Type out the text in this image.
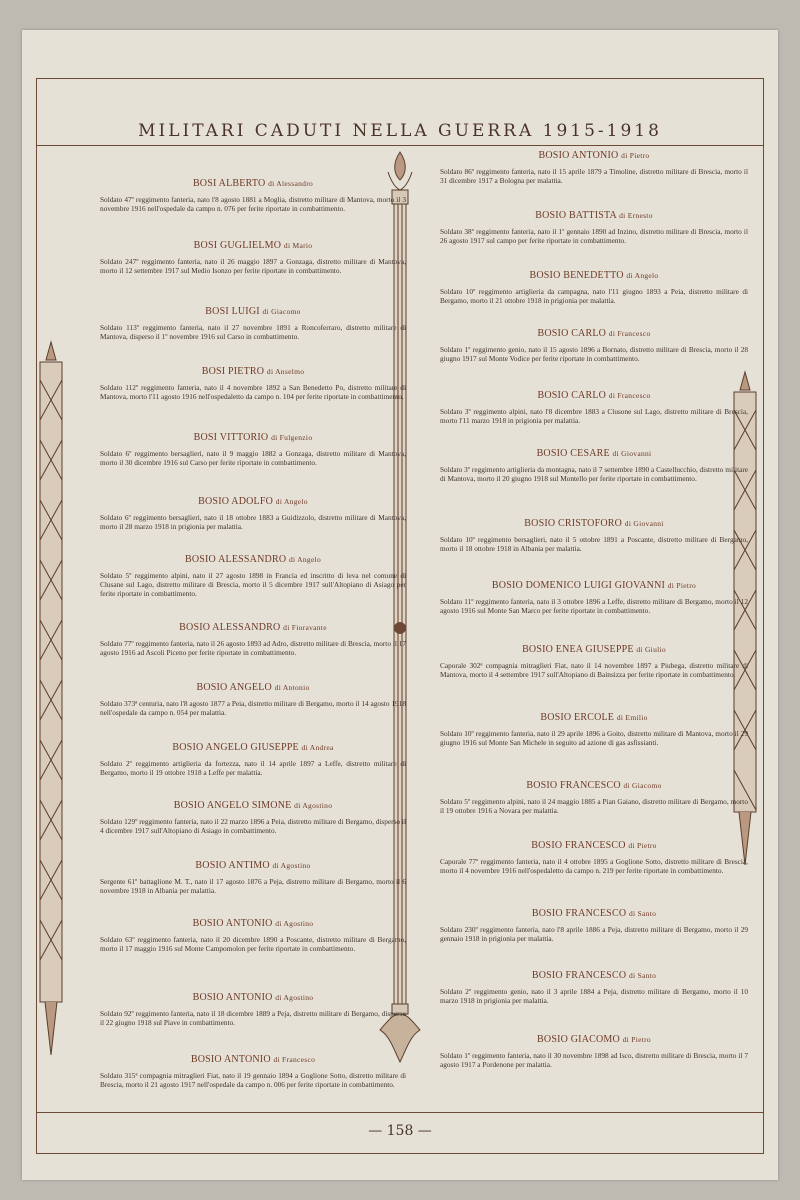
MILITARI CADUTI NELLA GUERRA 1915-1918
— 158 —
BOSI ALBERTO di Alessandro
Soldato 47º reggimento fanteria, nato l'8 agosto 1881 a Moglia, distretto militare di Mantova, morto il 3 novembre 1916 nell'ospedale da campo n. 076 per ferite riportate in combattimento.
BOSI GUGLIELMO di Mario
Soldato 247º reggimento fanteria, nato il 26 maggio 1897 a Gonzaga, distretto militare di Mantova, morto il 12 settembre 1917 sul Medio Isonzo per ferite riportate in combattimento.
BOSI LUIGI di Giacomo
Soldato 113º reggimento fanteria, nato il 27 novembre 1891 a Roncoferraro, distretto militare di Mantova, disperso il 1º novembre 1916 sul Carso in combattimento.
BOSI PIETRO di Anselmo
Soldato 112º reggimento fanteria, nato il 4 novembre 1892 a San Benedetto Po, distretto militare di Mantova, morto l'11 agosto 1916 nell'ospedaletto da campo n. 104 per ferite riportate in combattimento.
BOSI VITTORIO di Fulgenzio
Soldato 6º reggimento bersaglieri, nato il 9 maggio 1882 a Gonzaga, distretto militare di Mantova, morto il 30 dicembre 1916 sul Carso per ferite riportate in combattimento.
BOSIO ADOLFO di Angelo
Soldato 6º reggimento bersaglieri, nato il 18 ottobre 1883 a Guidizzolo, distretto militare di Mantova, morto il 28 marzo 1918 in prigionia per malattia.
BOSIO ALESSANDRO di Angelo
Soldato 5º reggimento alpini, nato il 27 agosto 1898 in Francia ed inscritto di leva nel comune di Clusane sul Lago, distretto militare di Brescia, morto il 5 dicembre 1917 sull'Altopiano di Asiago per ferite riportate in combattimento.
BOSIO ALESSANDRO di Fioravante
Soldato 77º reggimento fanteria, nato il 26 agosto 1893 ad Adro, distretto militare di Brescia, morto il 17 agosto 1916 ad Ascoli Piceno per ferite riportate in combattimento.
BOSIO ANGELO di Antonio
Soldato 373ª centuria, nato l'8 agosto 1877 a Peia, distretto militare di Bergamo, morto il 14 agosto 1918 nell'ospedale da campo n. 054 per malattia.
BOSIO ANGELO GIUSEPPE di Andrea
Soldato 2º reggimento artiglieria da fortezza, nato il 14 aprile 1897 a Leffe, distretto militare di Bergamo, morto il 19 ottobre 1918 a Leffe per malattia.
BOSIO ANGELO SIMONE di Agostino
Soldato 129º reggimento fanteria, nato il 22 marzo 1896 a Peia, distretto militare di Bergamo, disperso il 4 dicembre 1917 sull'Altopiano di Asiago in combattimento.
BOSIO ANTIMO di Agostino
Sergente 61º battaglione M. T., nato il 17 agosto 1876 a Peja, distretto militare di Bergamo, morto il 6 novembre 1918 in Albania per malattia.
BOSIO ANTONIO di Agostino
Soldato 63º reggimento fanteria, nato il 20 dicembre 1890 a Poscante, distretto militare di Bergamo, morto il 17 maggio 1916 sul Monte Campomolon per ferite riportate in combattimento.
BOSIO ANTONIO di Agostino
Soldato 92º reggimento fanteria, nato il 18 dicembre 1889 a Peja, distretto militare di Bergamo, disperso il 22 giugno 1918 sul Piave in combattimento.
BOSIO ANTONIO di Francesco
Soldato 315ª compagnia mitraglieri Fiat, nato il 19 gennaio 1894 a Goglione Sotto, distretto militare di Brescia, morto il 21 agosto 1917 nell'ospedale da campo n. 006 per ferite riportate in combattimento.
BOSIO ANTONIO di Pietro
Soldato 86º reggimento fanteria, nato il 15 aprile 1879 a Timoline, distretto militare di Brescia, morto il 31 dicembre 1917 a Bologna per malattia.
BOSIO BATTISTA di Ernesto
Soldato 38º reggimento fanteria, nato il 1º gennaio 1890 ad Inzino, distretto militare di Brescia, morto il 26 agosto 1917 sul campo per ferite riportate in combattimento.
BOSIO BENEDETTO di Angelo
Soldato 10º reggimento artiglieria da campagna, nato l'11 giugno 1893 a Peia, distretto militare di Bergamo, morto il 21 ottobre 1918 in prigionia per malattia.
BOSIO CARLO di Francesco
Soldato 1º reggimento genio, nato il 15 agosto 1896 a Bornato, distretto militare di Brescia, morto il 28 giugno 1917 sul Monte Vodice per ferite riportate in combattimento.
BOSIO CARLO di Francesco
Soldato 3º reggimento alpini, nato l'8 dicembre 1883 a Clusone sul Lago, distretto militare di Brescia, morto l'11 marzo 1918 in prigionia per malattia.
BOSIO CESARE di Giovanni
Soldato 3º reggimento artiglieria da montagna, nato il 7 settembre 1890 a Castellucchio, distretto militare di Mantova, morto il 20 giugno 1918 sul Montello per ferite riportate in combattimento.
BOSIO CRISTOFORO di Giovanni
Soldato 10º reggimento bersaglieri, nato il 5 ottobre 1891 a Poscante, distretto militare di Bergamo, morto il 18 ottobre 1918 in Albania per malattia.
BOSIO DOMENICO LUIGI GIOVANNI di Pietro
Soldato 11º reggimento fanteria, nato il 3 ottobre 1896 a Leffe, distretto militare di Bergamo, morto il 12 agosto 1916 sul Monte San Marco per ferite riportate in combattimento.
BOSIO ENEA GIUSEPPE di Giulio
Caporale 302ª compagnia mitraglieri Fiat, nato il 14 novembre 1897 a Piubega, distretto militare di Mantova, morto il 4 settembre 1917 sull'Altopiano di Bainsizza per ferite riportate in combattimento.
BOSIO ERCOLE di Emilio
Soldato 10º reggimento fanteria, nato il 29 aprile 1896 a Goito, distretto militare di Mantova, morto il 29 giugno 1916 sul Monte San Michele in seguito ad azione di gas asfissianti.
BOSIO FRANCESCO di Giacomo
Soldato 5º reggimento alpini, nato il 24 maggio 1885 a Pian Gaiano, distretto militare di Bergamo, morto il 19 ottobre 1916 a Novara per malattia.
BOSIO FRANCESCO di Pietro
Caporale 77º reggimento fanteria, nato il 4 ottobre 1895 a Goglione Sotto, distretto militare di Brescia, morto il 4 novembre 1916 nell'ospedaletto da campo n. 219 per ferite riportate in combattimento.
BOSIO FRANCESCO di Santo
Soldato 230º reggimento fanteria, nato l'8 aprile 1886 a Peja, distretto militare di Bergamo, morto il 29 gennaio 1918 in prigionia per malattia.
BOSIO FRANCESCO di Santo
Soldato 2º reggimento genio, nato il 3 aprile 1884 a Peja, distretto militare di Bergamo, morto il 10 marzo 1918 in prigionia per malattia.
BOSIO GIACOMO di Pietro
Soldato 1º reggimento fanteria, nato il 30 novembre 1898 ad Isco, distretto militare di Brescia, morto il 7 agosto 1917 a Pordenone per malattia.
